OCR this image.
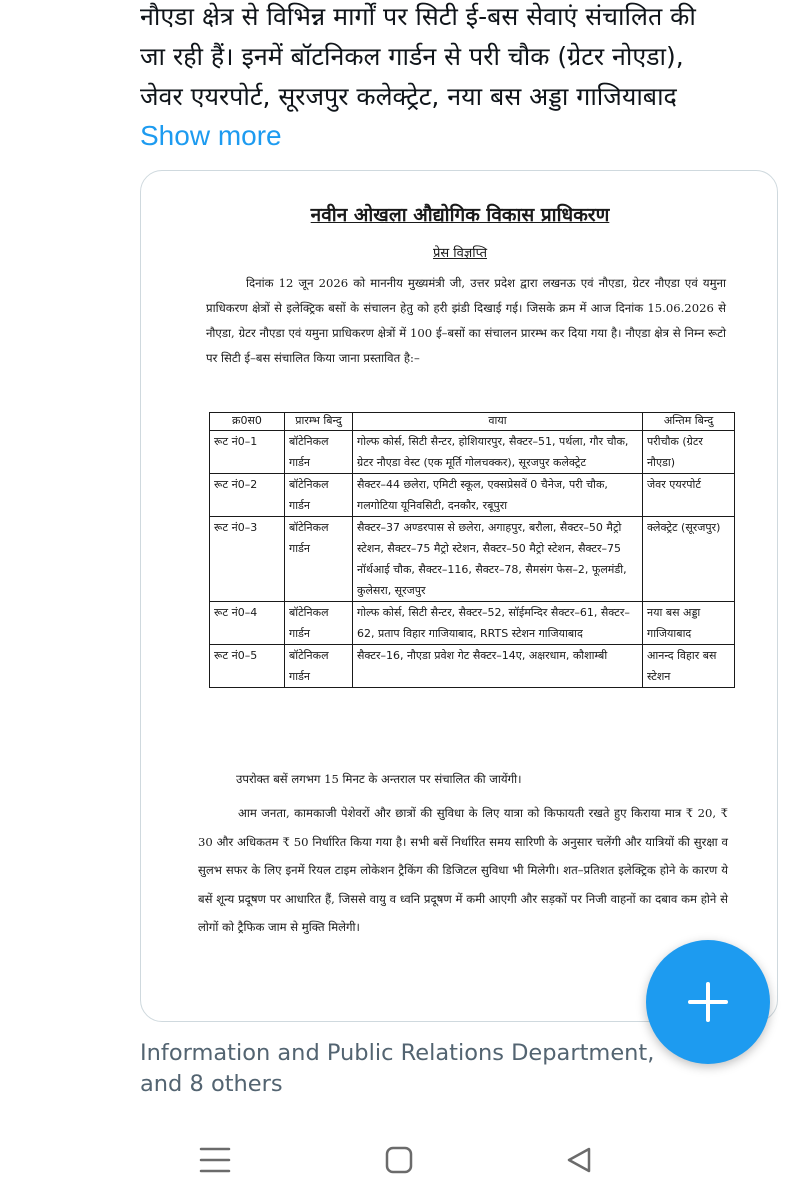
नौएडा क्षेत्र से विभिन्न मार्गों पर सिटी ई-बस सेवाएं संचालित की
जा रही हैं। इनमें बॉटनिकल गार्डन से परी चौक (ग्रेटर नोएडा),
जेवर एयरपोर्ट, सूरजपुर कलेक्ट्रेट, नया बस अड्डा गाजियाबाद
Show more
नवीन ओखला औद्योगिक विकास प्राधिकरण
प्रेस विज्ञप्ति
दिनांक 12 जून 2026 को माननीय मुख्यमंत्री जी, उत्तर प्रदेश द्वारा लखनऊ एवं नौएडा, ग्रेटर नौएडा एवं यमुना प्राधिकरण क्षेत्रों से इलेक्ट्रिक बसों के संचालन हेतु को हरी झंडी दिखाई गई। जिसके क्रम में आज दिनांक 15.06.2026 से नौएडा, ग्रेटर नौएडा एवं यमुना प्राधिकरण क्षेत्रों में 100 ई–बसों का संचालन प्रारम्भ कर दिया गया है। नौएडा क्षेत्र से निम्न रूटो पर सिटी ई–बस संचालित किया जाना प्रस्तावित है:–
क्र0स0	प्रारम्भ बिन्दु	वाया	अन्तिम बिन्दु
रूट नं0–1	बॉटेनिकल गार्डन	गोल्फ कोर्स, सिटी सैन्टर, होशियारपुर, सैक्टर–51, पर्थला, गौर चौक, ग्रेटर नौएडा वेस्ट (एक मूर्ति गोलचक्कर), सूरजपुर कलेक्ट्रेट	परीचौक (ग्रेटर नौएडा)
रूट नं0–2	बॉटेनिकल गार्डन	सैक्टर–44 छलेरा, एमिटी स्कूल, एक्सप्रेसवें 0 चैनेज, परी चौक, गलगोटिया यूनिवसिटी, दनकौर, रबूपुरा	जेवर एयरपोर्ट
रूट नं0–3	बॉटेनिकल गार्डन	सैक्टर–37 अण्डरपास से छलेरा, अगाहपुर, बरौला, सैक्टर–50 मैट्रो स्टेशन, सैक्टर–75 मैट्रो स्टेशन, सैक्टर–50 मैट्रो स्टेशन, सैक्टर–75 नॉर्थआई चौक, सैक्टर–116, सैक्टर–78, सैमसंग फेस–2, फूलमंडी, कुलेसरा, सूरजपुर	क्लेक्ट्रेट (सूरजपुर)
रूट नं0–4	बॉटेनिकल गार्डन	गोल्फ कोर्स, सिटी सैन्टर, सैक्टर–52, सॉईमन्दिर सैक्टर–61, सैक्टर–62, प्रताप विहार गाजियाबाद, RRTS स्टेशन गाजियाबाद	नया बस अड्डा गाजियाबाद
रूट नं0–5	बॉटेनिकल गार्डन	सैक्टर–16, नौएडा प्रवेश गेट सैक्टर–14ए, अक्षरधाम, कौशाम्बी	आनन्द विहार बस स्टेशन
उपरोक्त बसें लगभग 15 मिनट के अन्तराल पर संचालित की जायेंगी।
आम जनता, कामकाजी पेशेवरों और छात्रों की सुविधा के लिए यात्रा को किफायती रखते हुए किराया मात्र ₹ 20, ₹ 30 और अधिकतम ₹ 50 निर्धारित किया गया है। सभी बसें निर्धारित समय सारिणी के अनुसार चलेंगी और यात्रियों की सुरक्षा व सुलभ सफर के लिए इनमें रियल टाइम लोकेशन ट्रैकिंग की डिजिटल सुविधा भी मिलेगी। शत–प्रतिशत इलेक्ट्रिक होने के कारण ये बसें शून्य प्रदूषण पर आधारित हैं, जिससे वायु व ध्वनि प्रदूषण में कमी आएगी और सड़कों पर निजी वाहनों का दबाव कम होने से लोगों को ट्रैफिक जाम से मुक्ति मिलेगी।
Information and Public Relations Department,
and 8 others
